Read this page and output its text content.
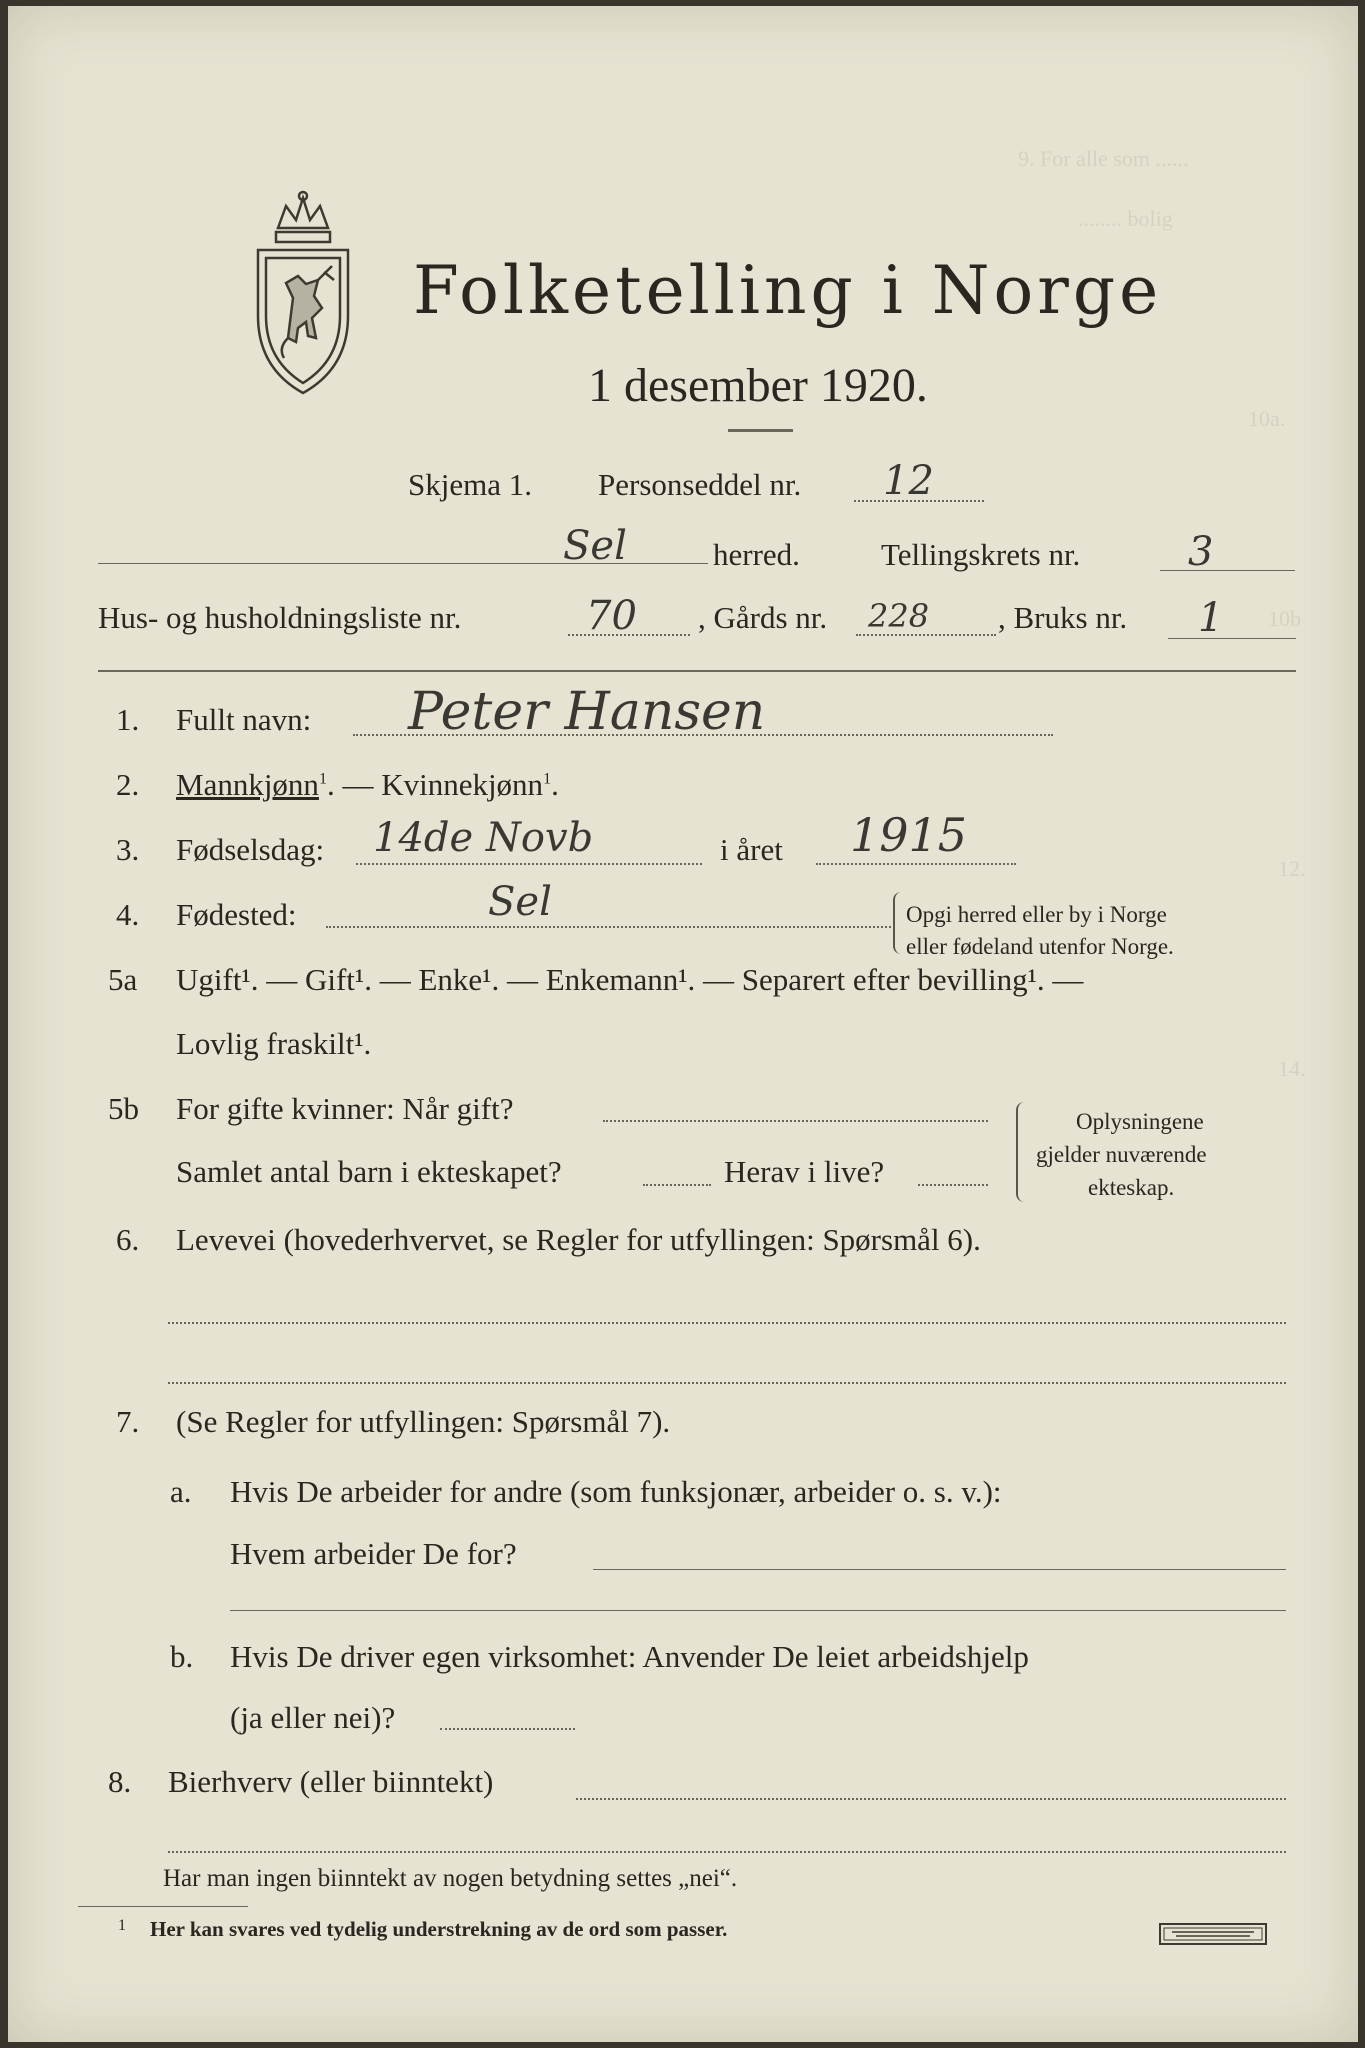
9. For alle som ......
........ bolig
10a.
10b
12.
14.
Folketelling i Norge
1 desember 1920.
Skjema 1. Personseddel nr. 12
Sel	herred.	Tellingskrets nr.	3
Hus- og husholdningsliste nr.	70 , Gårds nr. 228 , Bruks nr. 1
1. Fullt navn: Peter Hansen
2. Mannkjønn$^1$. — Kvinnekjønn$^1$.
3. Fødselsdag: 14de Novb	i året 1915
4. Fødested:	Sel	Opgi herred eller by i Norge
eller fødeland utenfor Norge.
5a Ugift¹. — Gift¹. — Enke¹. — Enkemann¹. — Separert efter bevilling¹. —
Lovlig fraskilt¹.
5b For gifte kvinner: Når gift?
Samlet antal barn i ekteskapet?	Herav i live?
Oplysningene
gjelder nuværende
ekteskap.
6. Levevei (hovederhvervet, se Regler for utfyllingen: Spørsmål 6).
7. (Se Regler for utfyllingen: Spørsmål 7).
a. Hvis De arbeider for andre (som funksjonær, arbeider o. s. v.):
Hvem arbeider De for?
b. Hvis De driver egen virksomhet: Anvender De leiet arbeidshjelp
(ja eller nei)?
8. Bierhverv (eller biinntekt)
Har man ingen biinntekt av nogen betydning settes „nei“.
1 Her kan svares ved tydelig understrekning av de ord som passer.
